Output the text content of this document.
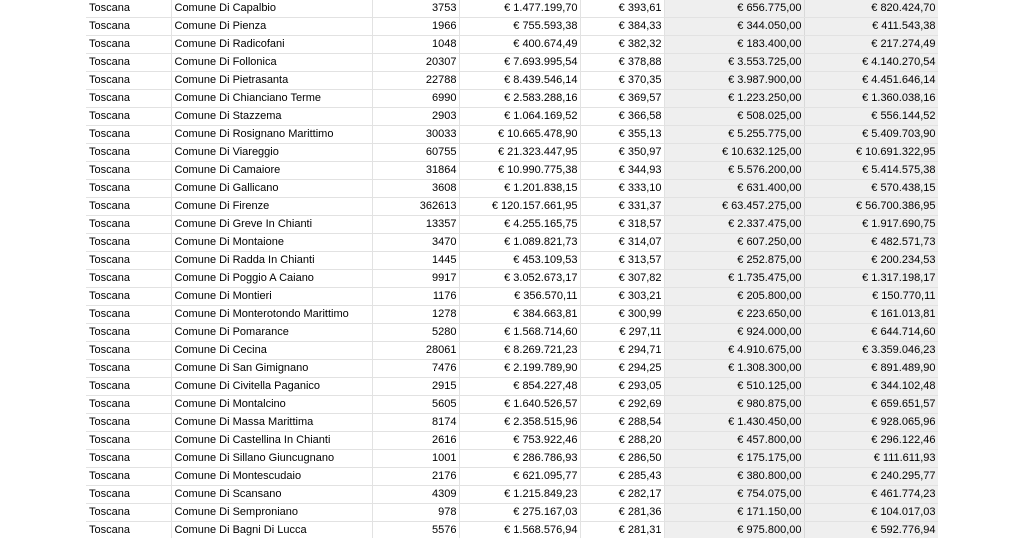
Toscana	Comune Di Capalbio	3753	€ 1.477.199,70	€ 393,61	€ 656.775,00	€ 820.424,70
Toscana	Comune Di Pienza	1966	€ 755.593,38	€ 384,33	€ 344.050,00	€ 411.543,38
Toscana	Comune Di Radicofani	1048	€ 400.674,49	€ 382,32	€ 183.400,00	€ 217.274,49
Toscana	Comune Di Follonica	20307	€ 7.693.995,54	€ 378,88	€ 3.553.725,00	€ 4.140.270,54
Toscana	Comune Di Pietrasanta	22788	€ 8.439.546,14	€ 370,35	€ 3.987.900,00	€ 4.451.646,14
Toscana	Comune Di Chianciano Terme	6990	€ 2.583.288,16	€ 369,57	€ 1.223.250,00	€ 1.360.038,16
Toscana	Comune Di Stazzema	2903	€ 1.064.169,52	€ 366,58	€ 508.025,00	€ 556.144,52
Toscana	Comune Di Rosignano Marittimo	30033	€ 10.665.478,90	€ 355,13	€ 5.255.775,00	€ 5.409.703,90
Toscana	Comune Di Viareggio	60755	€ 21.323.447,95	€ 350,97	€ 10.632.125,00	€ 10.691.322,95
Toscana	Comune Di Camaiore	31864	€ 10.990.775,38	€ 344,93	€ 5.576.200,00	€ 5.414.575,38
Toscana	Comune Di Gallicano	3608	€ 1.201.838,15	€ 333,10	€ 631.400,00	€ 570.438,15
Toscana	Comune Di Firenze	362613	€ 120.157.661,95	€ 331,37	€ 63.457.275,00	€ 56.700.386,95
Toscana	Comune Di Greve In Chianti	13357	€ 4.255.165,75	€ 318,57	€ 2.337.475,00	€ 1.917.690,75
Toscana	Comune Di Montaione	3470	€ 1.089.821,73	€ 314,07	€ 607.250,00	€ 482.571,73
Toscana	Comune Di Radda In Chianti	1445	€ 453.109,53	€ 313,57	€ 252.875,00	€ 200.234,53
Toscana	Comune Di Poggio A Caiano	9917	€ 3.052.673,17	€ 307,82	€ 1.735.475,00	€ 1.317.198,17
Toscana	Comune Di Montieri	1176	€ 356.570,11	€ 303,21	€ 205.800,00	€ 150.770,11
Toscana	Comune Di Monterotondo Marittimo	1278	€ 384.663,81	€ 300,99	€ 223.650,00	€ 161.013,81
Toscana	Comune Di Pomarance	5280	€ 1.568.714,60	€ 297,11	€ 924.000,00	€ 644.714,60
Toscana	Comune Di Cecina	28061	€ 8.269.721,23	€ 294,71	€ 4.910.675,00	€ 3.359.046,23
Toscana	Comune Di San Gimignano	7476	€ 2.199.789,90	€ 294,25	€ 1.308.300,00	€ 891.489,90
Toscana	Comune Di Civitella Paganico	2915	€ 854.227,48	€ 293,05	€ 510.125,00	€ 344.102,48
Toscana	Comune Di Montalcino	5605	€ 1.640.526,57	€ 292,69	€ 980.875,00	€ 659.651,57
Toscana	Comune Di Massa Marittima	8174	€ 2.358.515,96	€ 288,54	€ 1.430.450,00	€ 928.065,96
Toscana	Comune Di Castellina In Chianti	2616	€ 753.922,46	€ 288,20	€ 457.800,00	€ 296.122,46
Toscana	Comune Di Sillano Giuncugnano	1001	€ 286.786,93	€ 286,50	€ 175.175,00	€ 111.611,93
Toscana	Comune Di Montescudaio	2176	€ 621.095,77	€ 285,43	€ 380.800,00	€ 240.295,77
Toscana	Comune Di Scansano	4309	€ 1.215.849,23	€ 282,17	€ 754.075,00	€ 461.774,23
Toscana	Comune Di Semproniano	978	€ 275.167,03	€ 281,36	€ 171.150,00	€ 104.017,03
Toscana	Comune Di Bagni Di Lucca	5576	€ 1.568.576,94	€ 281,31	€ 975.800,00	€ 592.776,94
